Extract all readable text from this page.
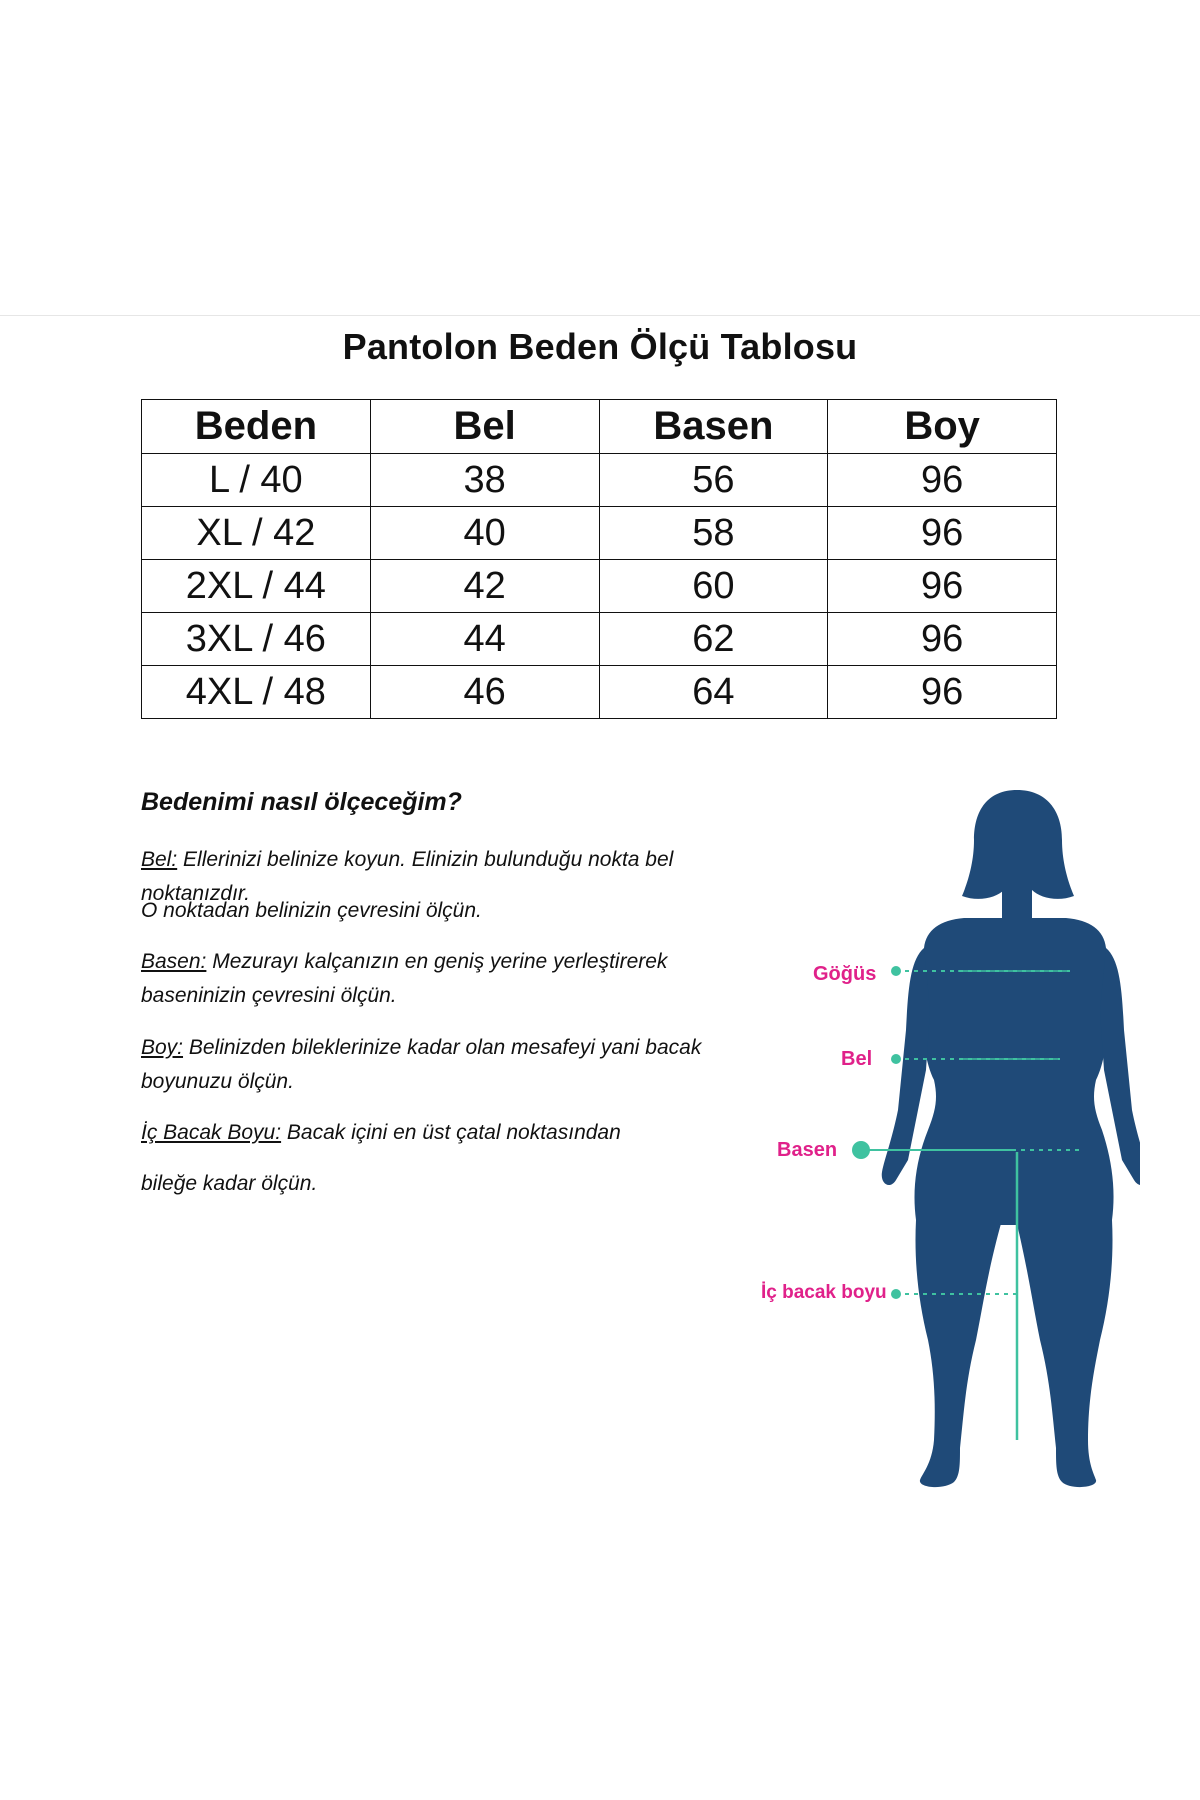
Pantolon Beden Ölçü Tablosu
Beden	Bel	Basen	Boy
L / 40	38	56	96
XL / 42	40	58	96
2XL / 44	42	60	96
3XL / 46	44	62	96
4XL / 48	46	64	96
Bedenimi nasıl ölçeceğim?
Bel: Ellerinizi belinize koyun. Elinizin bulunduğu nokta bel noktanızdır.
O noktadan belinizin çevresini ölçün.
Basen: Mezurayı kalçanızın en geniş yerine yerleştirerek
baseninizin çevresini ölçün.
Boy: Belinizden bileklerinize kadar olan mesafeyi yani bacak
boyunuzu ölçün.
İç Bacak Boyu: Bacak içini en üst çatal noktasından
bileğe kadar ölçün.
Göğüs
Bel
Basen
İç bacak boyu
